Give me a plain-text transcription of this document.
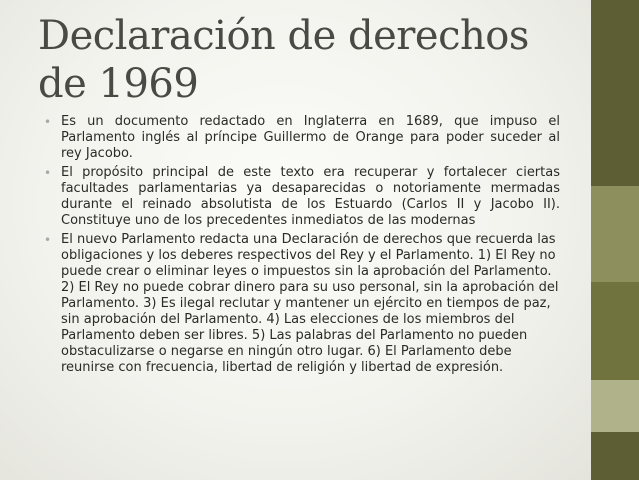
Declaración de derechos de 1969
• Es un documento redactado en Inglaterra en 1689, que impuso el Parlamento inglés al príncipe Guillermo de Orange para poder suceder al rey Jacobo.
• El propósito principal de este texto era recuperar y fortalecer ciertas facultades parlamentarias ya desaparecidas o notoriamente mermadas durante el reinado absolutista de los Estuardo (Carlos II y Jacobo II). Constituye uno de los precedentes inmediatos de las modernas
• El nuevo Parlamento redacta una Declaración de derechos que recuerda las obligaciones y los deberes respectivos del Rey y el Parlamento. 1) El Rey no puede crear o eliminar leyes o impuestos sin la aprobación del Parlamento. 2) El Rey no puede cobrar dinero para su uso personal, sin la aprobación del Parlamento. 3) Es ilegal reclutar y mantener un ejército en tiempos de paz, sin aprobación del Parlamento. 4) Las elecciones de los miembros del Parlamento deben ser libres. 5) Las palabras del Parlamento no pueden obstaculizarse o negarse en ningún otro lugar. 6) El Parlamento debe reunirse con frecuencia, libertad de religión y libertad de expresión.
